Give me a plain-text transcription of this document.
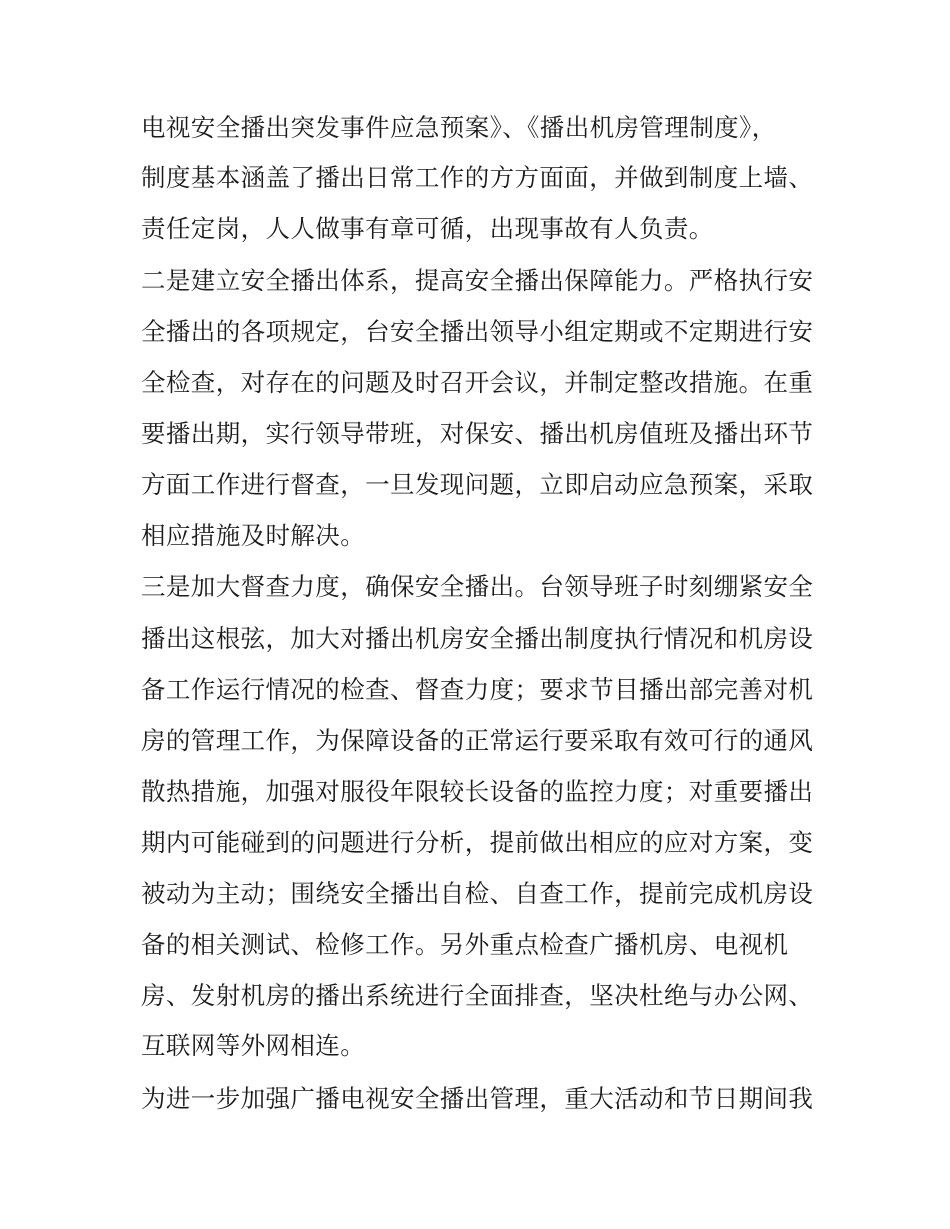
电视安全播出突发事件应急预案》、《播出机房管理制度》，
制度基本涵盖了播出日常工作的方方面面，并做到制度上墙、
责任定岗，人人做事有章可循，出现事故有人负责。
二是建立安全播出体系，提高安全播出保障能力。严格执行安
全播出的各项规定，台安全播出领导小组定期或不定期进行安
全检查，对存在的问题及时召开会议，并制定整改措施。在重
要播出期，实行领导带班，对保安、播出机房值班及播出环节
方面工作进行督查，一旦发现问题，立即启动应急预案，采取
相应措施及时解决。
三是加大督查力度，确保安全播出。台领导班子时刻绷紧安全
播出这根弦，加大对播出机房安全播出制度执行情况和机房设
备工作运行情况的检查、督查力度；要求节目播出部完善对机
房的管理工作，为保障设备的正常运行要采取有效可行的通风
散热措施，加强对服役年限较长设备的监控力度；对重要播出
期内可能碰到的问题进行分析，提前做出相应的应对方案，变
被动为主动；围绕安全播出自检、自查工作，提前完成机房设
备的相关测试、检修工作。另外重点检查广播机房、电视机
房、发射机房的播出系统进行全面排查，坚决杜绝与办公网、
互联网等外网相连。
为进一步加强广播电视安全播出管理，重大活动和节日期间我
